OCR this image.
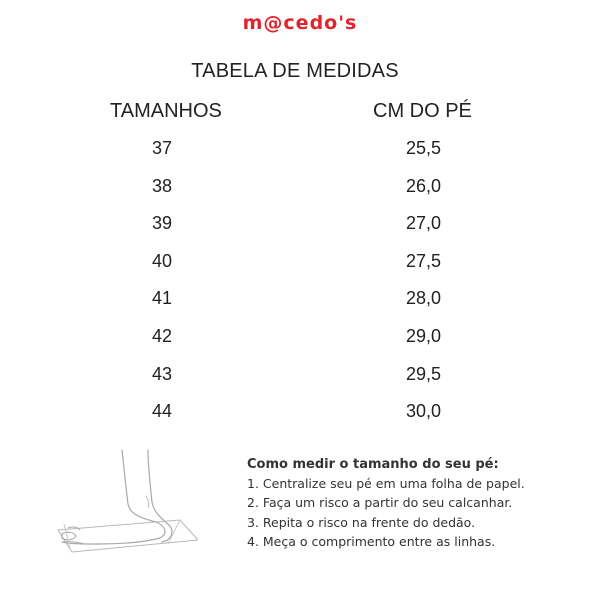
m@cedo's
TABELA DE MEDIDAS
TAMANHOS	CM DO PÉ
37	25,5
38	26,0
39	27,0
40	27,5
41	28,0
42	29,0
43	29,5
44	30,0
Como medir o tamanho do seu pé:
1. Centralize seu pé em uma folha de papel.
2. Faça um risco a partir do seu calcanhar.
3. Repita o risco na frente do dedão.
4. Meça o comprimento entre as linhas.
